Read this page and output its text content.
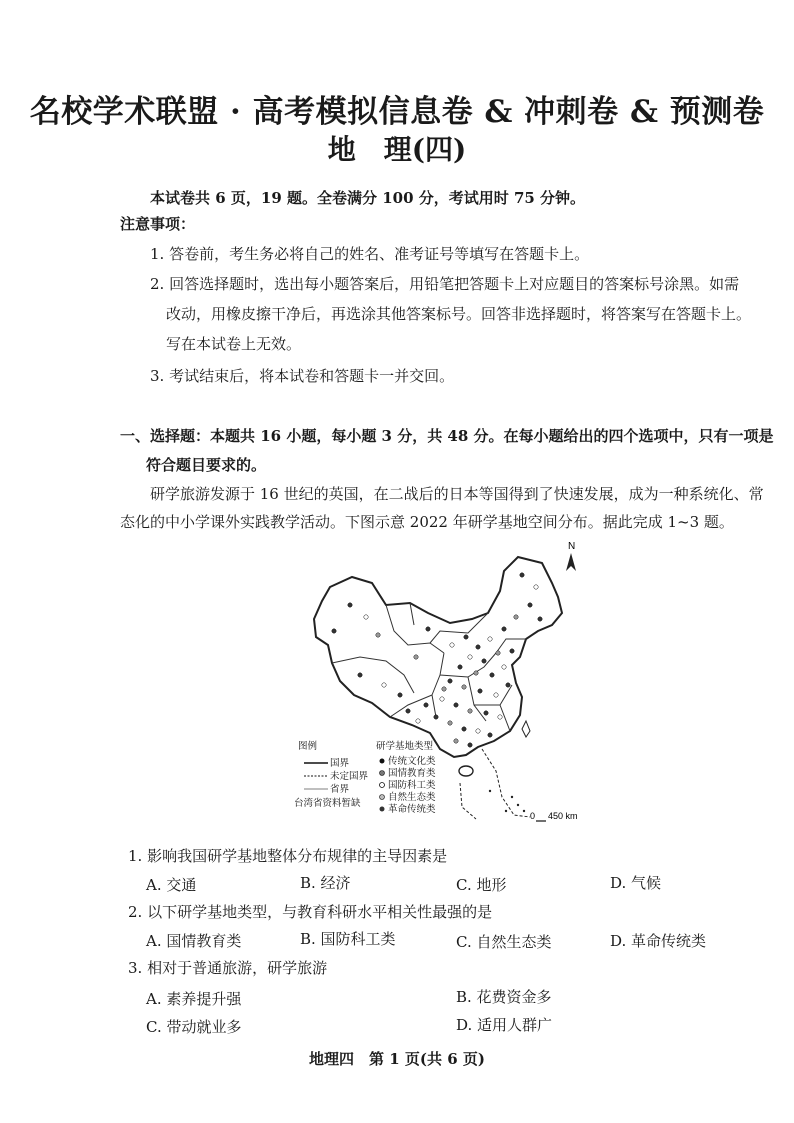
名校学术联盟 · 高考模拟信息卷 & 冲刺卷 & 预测卷
地　理(四)
本试卷共 6 页，19 题。全卷满分 100 分，考试用时 75 分钟。
注意事项：
1. 答卷前，考生务必将自己的姓名、准考证号等填写在答题卡上。
2. 回答选择题时，选出每小题答案后，用铅笔把答题卡上对应题目的答案标号涂黑。如需
改动，用橡皮擦干净后，再选涂其他答案标号。回答非选择题时，将答案写在答题卡上。
写在本试卷上无效。
3. 考试结束后，将本试卷和答题卡一并交回。
一、选择题：本题共 16 小题，每小题 3 分，共 48 分。在每小题给出的四个选项中，只有一项是
符合题目要求的。
研学旅游发源于 16 世纪的英国，在二战后的日本等国得到了快速发展，成为一种系统化、常
态化的中小学课外实践教学活动。下图示意 2022 年研学基地空间分布。据此完成 1~3 题。
N
图例
国界
未定国界
省界
台湾省资料暂缺
研学基地类型
传统文化类
国情教育类
国防科工类
自然生态类
革命传统类
0 450 km
1. 影响我国研学基地整体分布规律的主导因素是
A. 交通	B. 经济	C. 地形	D. 气候
2. 以下研学基地类型，与教育科研水平相关性最强的是
A. 国情教育类	B. 国防科工类	C. 自然生态类	D. 革命传统类
3. 相对于普通旅游，研学旅游
A. 素养提升强	B. 花费资金多
C. 带动就业多	D. 适用人群广
地理四　第 1 页(共 6 页)
